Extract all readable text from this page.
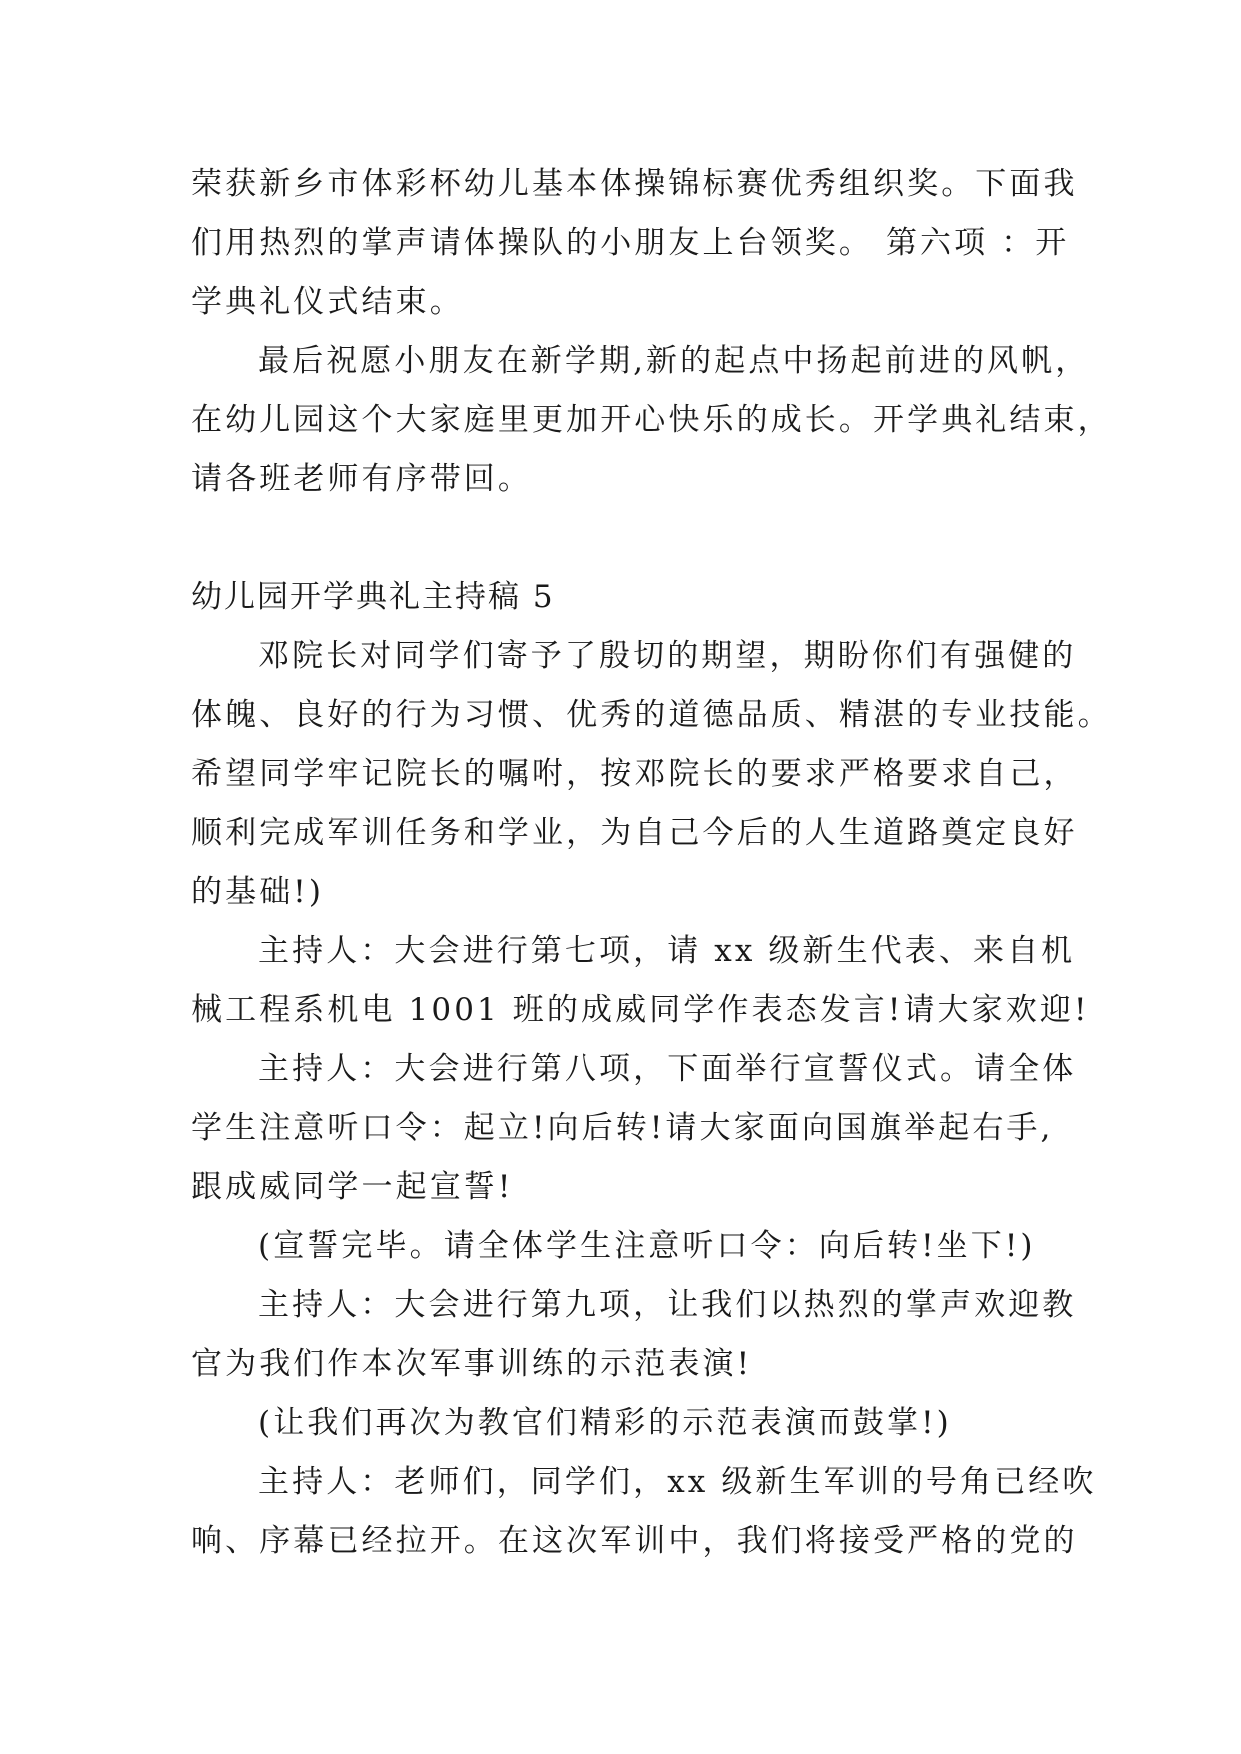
荣获新乡市体彩杯幼儿基本体操锦标赛优秀组织奖。下面我
们用热烈的掌声请体操队的小朋友上台领奖。 第六项 ：开
学典礼仪式结束。
最后祝愿小朋友在新学期,新的起点中扬起前进的风帆，
在幼儿园这个大家庭里更加开心快乐的成长。开学典礼结束，
请各班老师有序带回。
幼儿园开学典礼主持稿 5
邓院长对同学们寄予了殷切的期望，期盼你们有强健的
体魄、良好的行为习惯、优秀的道德品质、精湛的专业技能。
希望同学牢记院长的嘱咐，按邓院长的要求严格要求自己，
顺利完成军训任务和学业，为自己今后的人生道路奠定良好
的基础!)
主持人：大会进行第七项，请 xx 级新生代表、来自机
械工程系机电 1001 班的成威同学作表态发言!请大家欢迎!
主持人：大会进行第八项，下面举行宣誓仪式。请全体
学生注意听口令：起立!向后转!请大家面向国旗举起右手,
跟成威同学一起宣誓!
(宣誓完毕。请全体学生注意听口令：向后转!坐下!)
主持人：大会进行第九项，让我们以热烈的掌声欢迎教
官为我们作本次军事训练的示范表演!
(让我们再次为教官们精彩的示范表演而鼓掌!)
主持人：老师们，同学们，xx 级新生军训的号角已经吹
响、序幕已经拉开。在这次军训中，我们将接受严格的党的
